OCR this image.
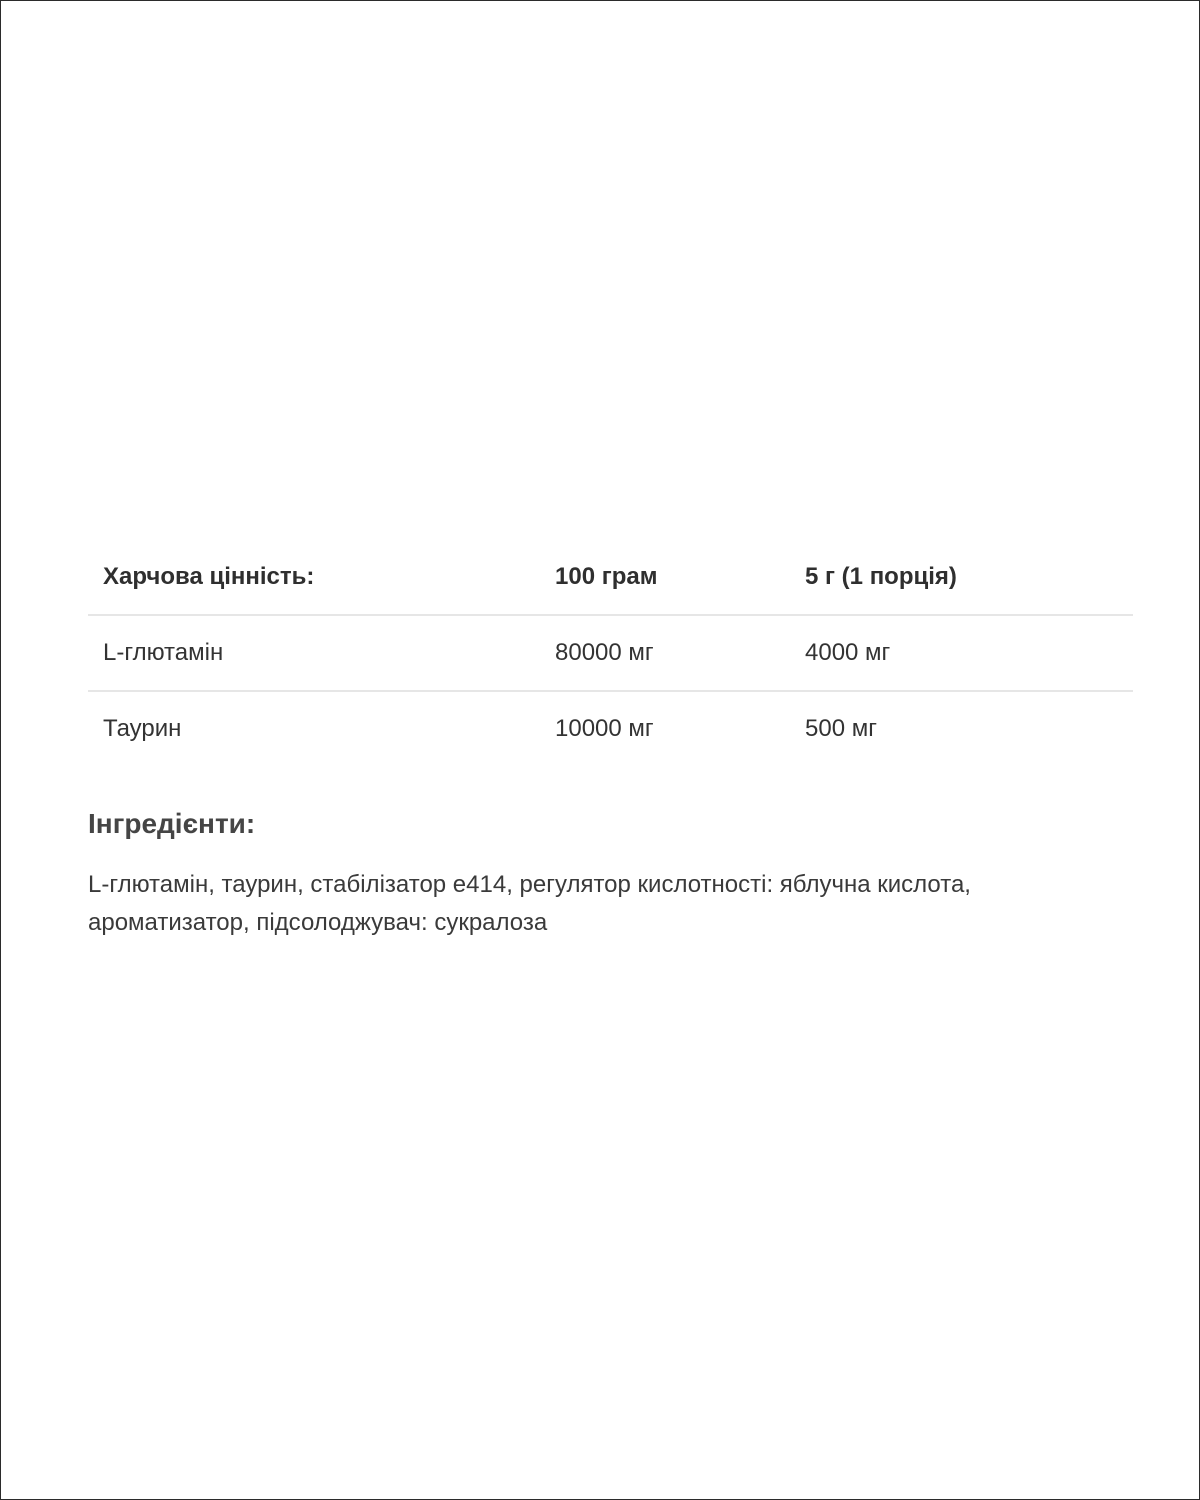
Харчова цінність:	100 грам	5 г (1 порція)
L-глютамін	80000 мг	4000 мг
Таурин	10000 мг	500 мг
Інгредієнти:

L-глютамін, таурин, стабілізатор е414, регулятор кислотності: яблучна кислота, ароматизатор, підсолоджувач: сукралоза
